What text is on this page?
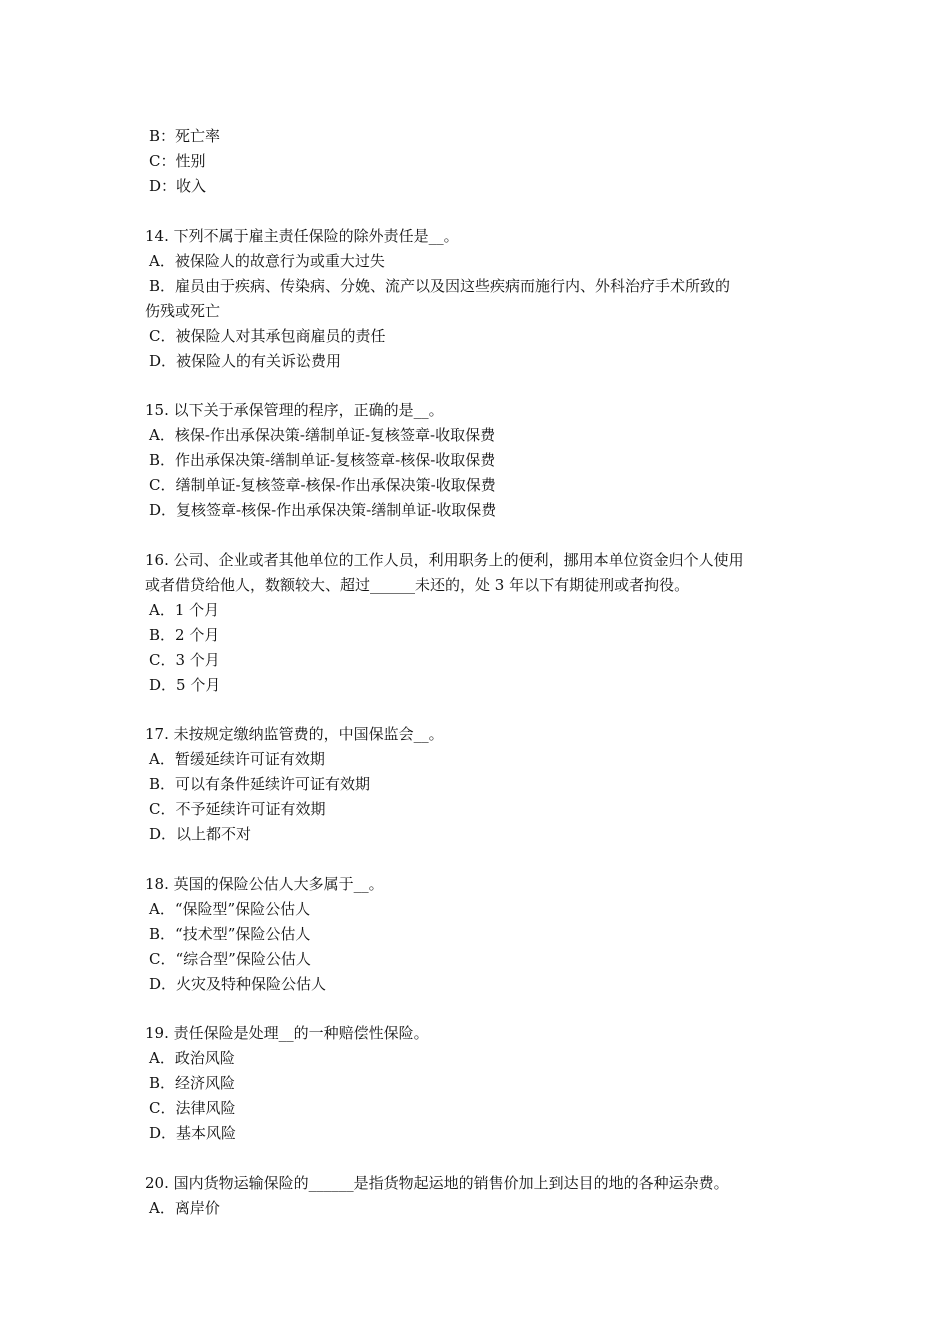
B：死亡率
C：性别
D：收入
14. 下列不属于雇主责任保险的除外责任是__。
A．被保险人的故意行为或重大过失
B．雇员由于疾病、传染病、分娩、流产以及因这些疾病而施行内、外科治疗手术所致的
伤残或死亡
C．被保险人对其承包商雇员的责任
D．被保险人的有关诉讼费用
15. 以下关于承保管理的程序，正确的是__。
A．核保-作出承保决策-缮制单证-复核签章-收取保费
B．作出承保决策-缮制单证-复核签章-核保-收取保费
C．缮制单证-复核签章-核保-作出承保决策-收取保费
D．复核签章-核保-作出承保决策-缮制单证-收取保费
16. 公司、企业或者其他单位的工作人员，利用职务上的便利，挪用本单位资金归个人使用
或者借贷给他人，数额较大、超过______未还的，处 3 年以下有期徒刑或者拘役。
A．1 个月
B．2 个月
C．3 个月
D．5 个月
17. 未按规定缴纳监管费的，中国保监会__。
A．暂缓延续许可证有效期
B．可以有条件延续许可证有效期
C．不予延续许可证有效期
D．以上都不对
18. 英国的保险公估人大多属于__。
A．“保险型”保险公估人
B．“技术型”保险公估人
C．“综合型”保险公估人
D．火灾及特种保险公估人
19. 责任保险是处理__的一种赔偿性保险。
A．政治风险
B．经济风险
C．法律风险
D．基本风险
20. 国内货物运输保险的______是指货物起运地的销售价加上到达目的地的各种运杂费。
A．离岸价
